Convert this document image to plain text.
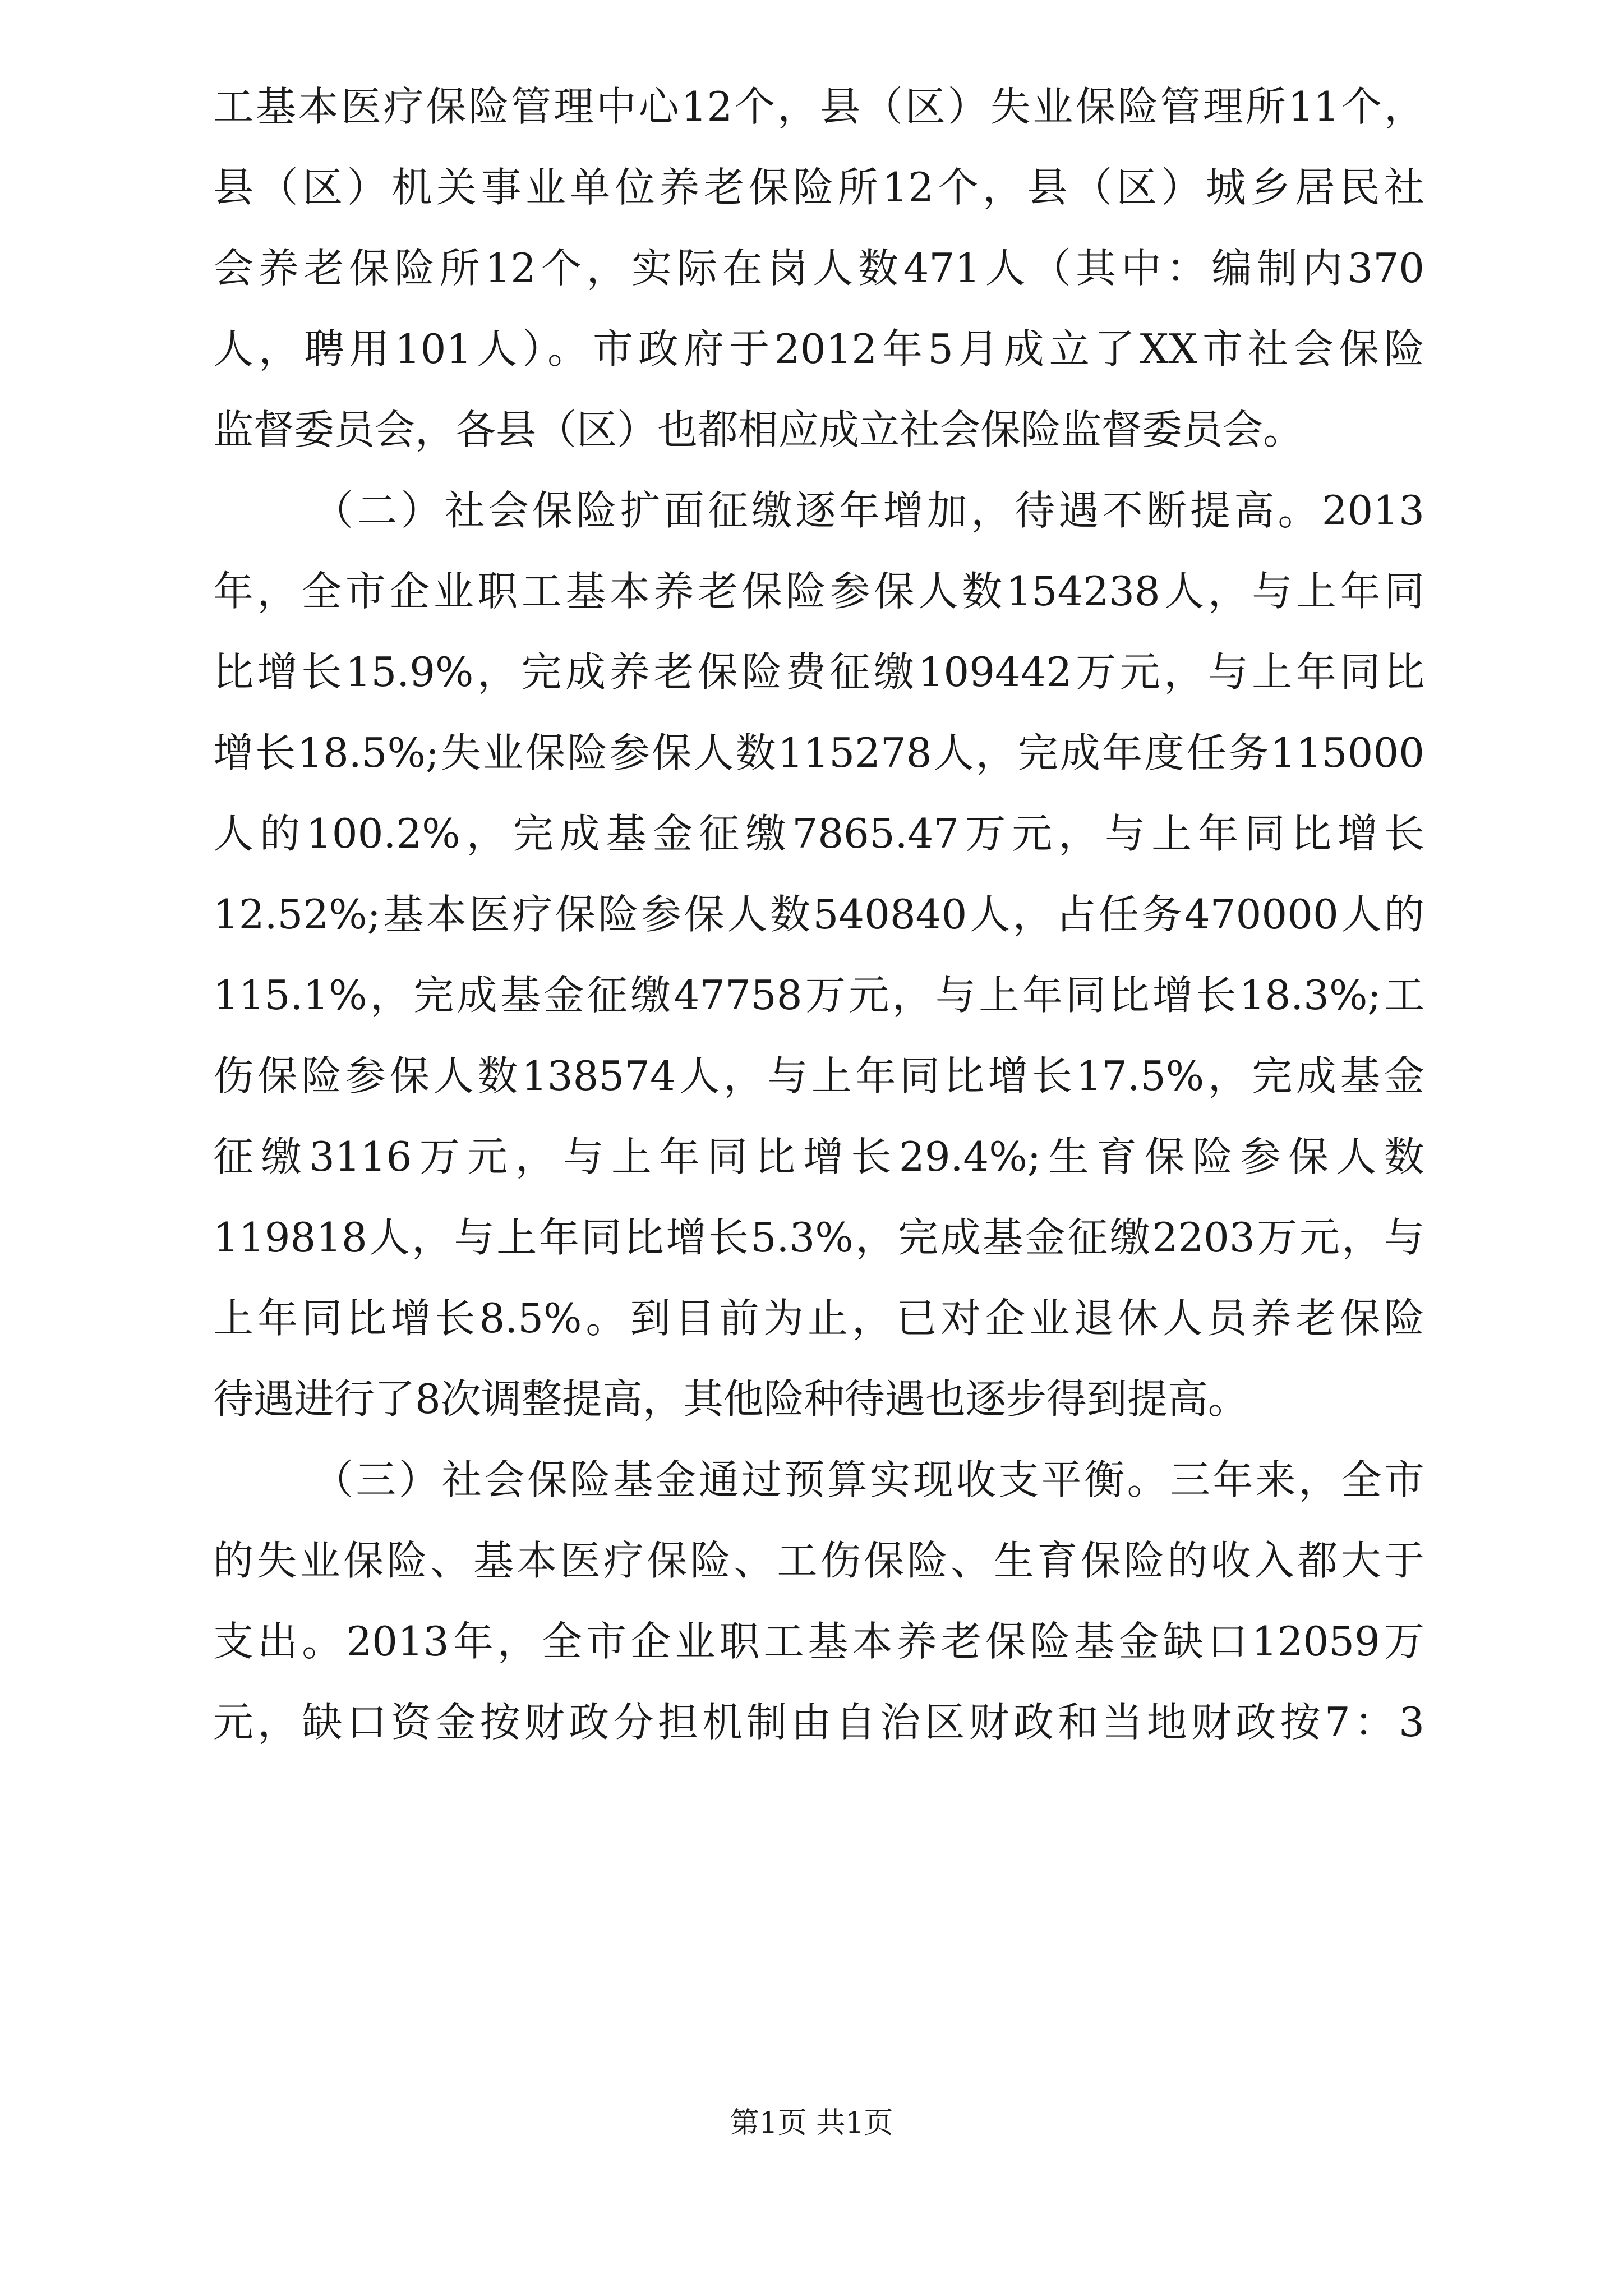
工基本医疗保险管理中心12个，县（区）失业保险管理所11个，
县（区）机关事业单位养老保险所12个，县（区）城乡居民社
会养老保险所12个，实际在岗人数471人（其中：编制内370
人，聘用101人）。市政府于2012年5月成立了XX市社会保险
监督委员会，各县（区）也都相应成立社会保险监督委员会。
（二）社会保险扩面征缴逐年增加，待遇不断提高。2013
年，全市企业职工基本养老保险参保人数154238人，与上年同
比增长15.9%，完成养老保险费征缴109442万元，与上年同比
增长18.5%;失业保险参保人数115278人，完成年度任务115000
人的100.2%，完成基金征缴7865.47万元，与上年同比增长
12.52%;基本医疗保险参保人数540840人，占任务470000人的
115.1%，完成基金征缴47758万元，与上年同比增长18.3%;工
伤保险参保人数138574人，与上年同比增长17.5%，完成基金
征缴3116万元，与上年同比增长29.4%;生育保险参保人数
119818人，与上年同比增长5.3%，完成基金征缴2203万元，与
上年同比增长8.5%。到目前为止，已对企业退休人员养老保险
待遇进行了8次调整提高，其他险种待遇也逐步得到提高。
（三）社会保险基金通过预算实现收支平衡。三年来，全市
的失业保险、基本医疗保险、工伤保险、生育保险的收入都大于
支出。2013年，全市企业职工基本养老保险基金缺口12059万
元，缺口资金按财政分担机制由自治区财政和当地财政按7：3
第1页 共1页
